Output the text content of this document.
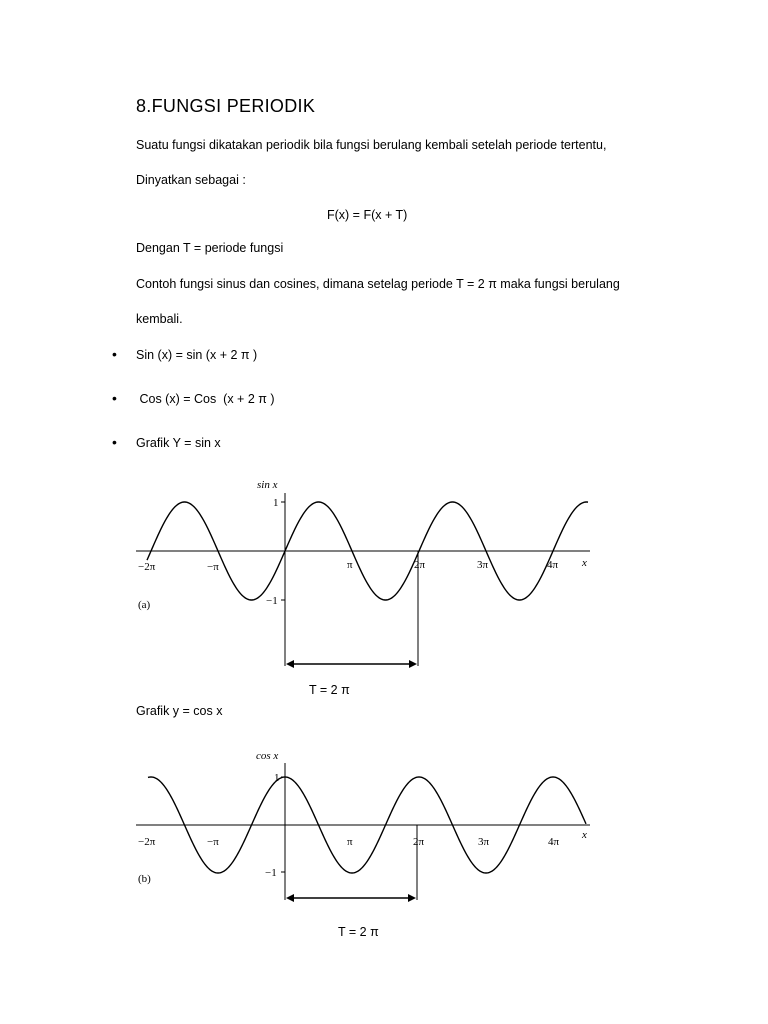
8.FUNGSI PERIODIK
Suatu fungsi dikatakan periodik bila fungsi berulang kembali setelah periode tertentu,
Dinyatkan sebagai :
F(x) = F(x + T)
Dengan T = periode fungsi
Contoh fungsi sinus dan cosines, dimana setelag periode T = 2 π maka fungsi berulang
kembali.
• Sin (x) = sin (x + 2 π )
• Cos (x) = Cos  (x + 2 π )
• Grafik Y = sin x
sin x
1
−1
x
−2π	−π	π	2π	3π	4π
(a)
T = 2 π
Grafik y = cos x
cos x
1
−1
x
−2π	−π	π	2π	3π	4π
(b)
T = 2 π
